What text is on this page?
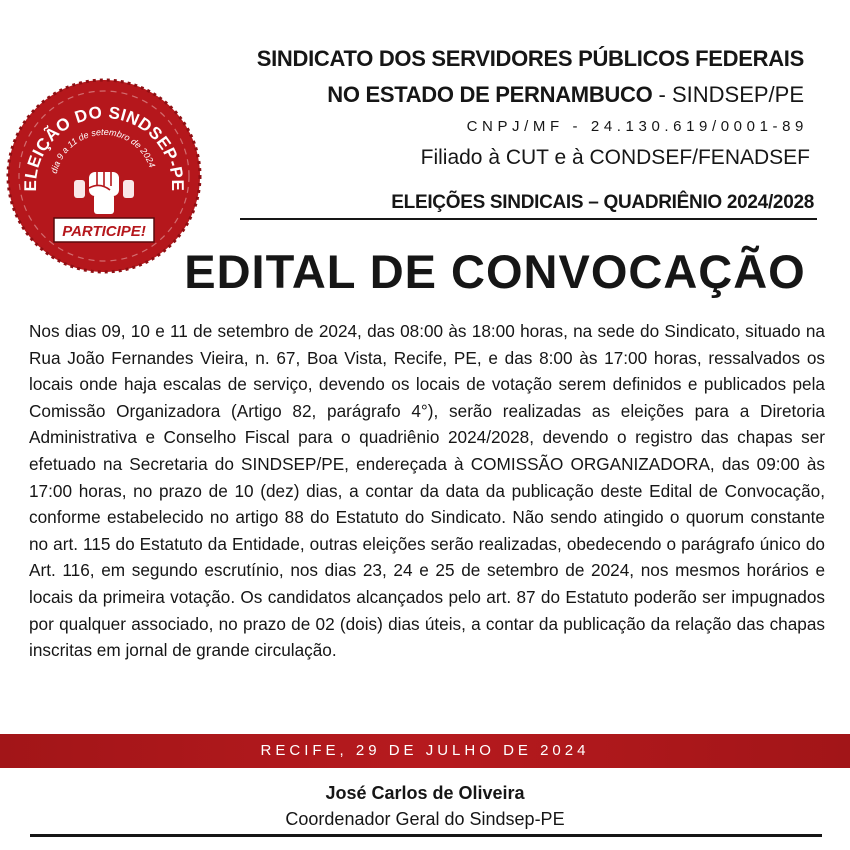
ELEIÇÃO DO SINDSEP-PE
dia 9 a 11 de setembro de 2024
PARTICIPE!
SINDICATO DOS SERVIDORES PÚBLICOS FEDERAIS
NO ESTADO DE PERNAMBUCO - SINDSEP/PE
CNPJ/MF - 24.130.619/0001-89
Filiado à CUT e à CONDSEF/FENADSEF
ELEIÇÕES SINDICAIS – QUADRIÊNIO 2024/2028
EDITAL DE CONVOCAÇÃO

Nos dias 09, 10 e 11 de setembro de 2024, das 08:00 às 18:00 horas, na sede do Sindicato, situado na Rua João Fernandes Vieira, n. 67, Boa Vista, Recife, PE, e das 8:00 às 17:00 horas, ressalvados os locais onde haja escalas de serviço, devendo os locais de votação serem definidos e publicados pela Comissão Organizadora (Artigo 82, parágrafo 4°), serão realizadas as eleições para a Diretoria Administrativa e Conselho Fiscal para o quadriênio 2024/2028, devendo o registro das chapas ser efetuado na Secretaria do SINDSEP/PE, endereçada à COMISSÃO ORGANIZADORA, das 09:00 às 17:00 horas, no prazo de 10 (dez) dias, a contar da data da publicação deste Edital de Convocação, conforme estabelecido no artigo 88 do Estatuto do Sindicato. Não sendo atingido o quorum constante no art. 115 do Estatuto da Entidade, outras eleições serão realizadas, obedecendo o parágrafo único do Art. 116, em segundo escrutínio, nos dias 23, 24 e 25 de setembro de 2024, nos mesmos horários e locais da primeira votação. Os candidatos alcançados pelo art. 87 do Estatuto poderão ser impugnados por qualquer associado, no prazo de 02 (dois) dias úteis, a contar da publicação da relação das chapas inscritas em jornal de grande circulação.

RECIFE, 29 DE JULHO DE 2024
José Carlos de Oliveira
Coordenador Geral do Sindsep-PE
